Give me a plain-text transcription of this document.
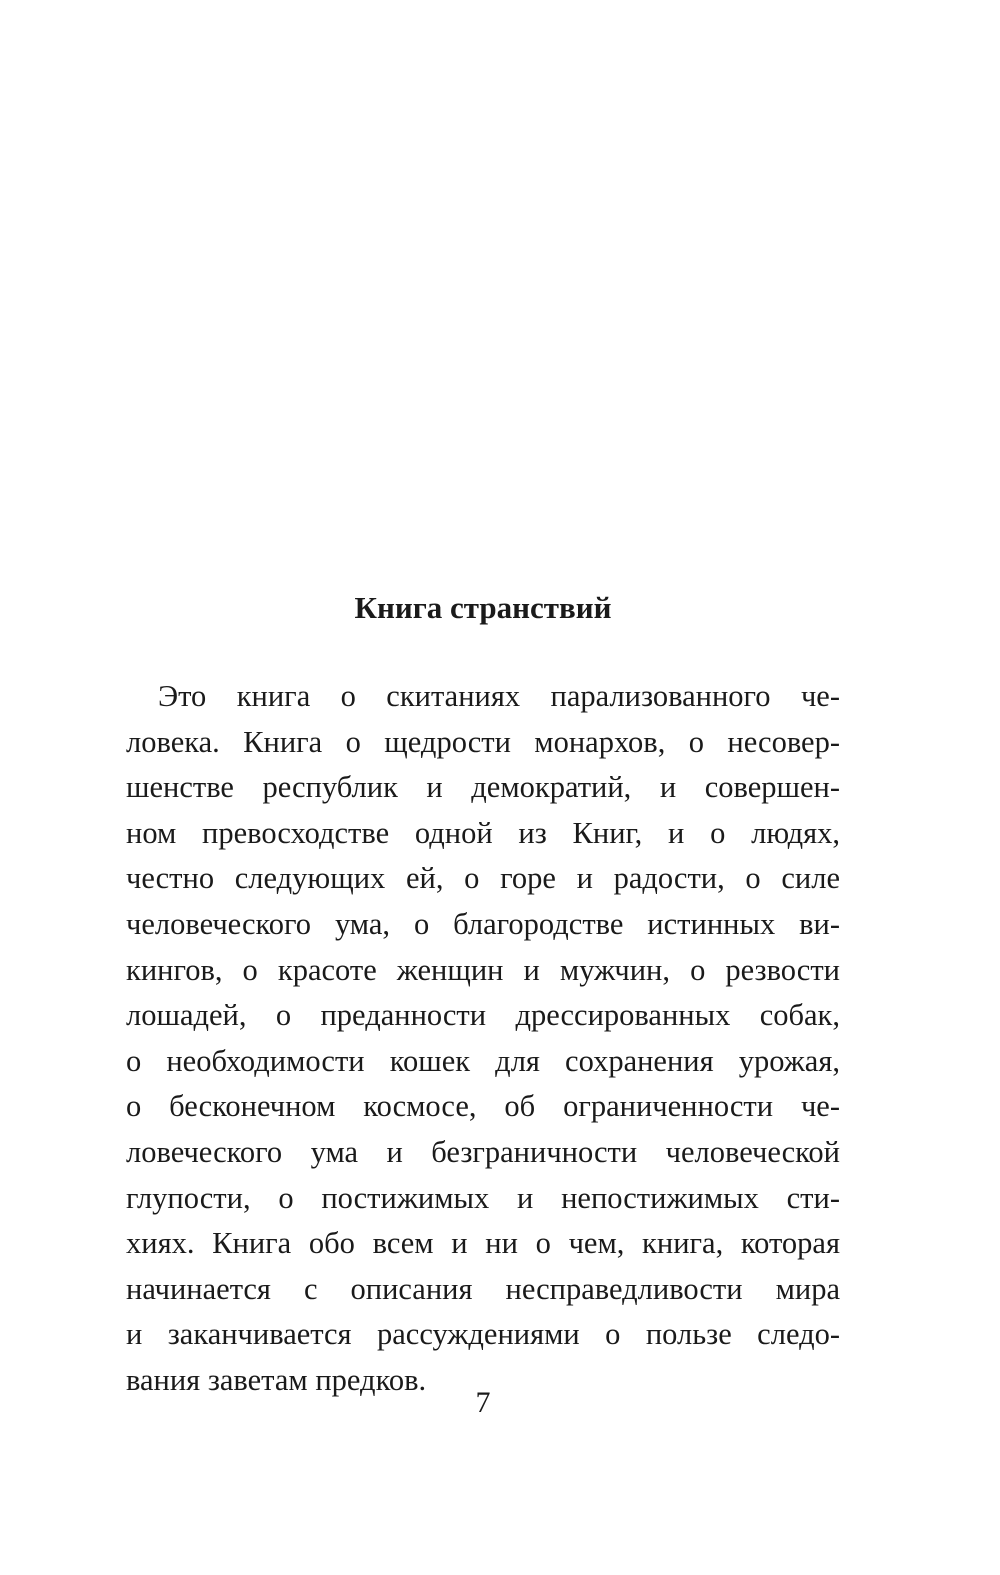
Книга странствий
Это книга о скитаниях парализованного че-
ловека. Книга о щедрости монархов, о несовер-
шенстве республик и демократий, и совершен-
ном превосходстве одной из Книг, и о людях,
честно следующих ей, о горе и радости, о силе
человеческого ума, о благородстве истинных ви-
кингов, о красоте женщин и мужчин, о резвости
лошадей, о преданности дрессированных собак,
о необходимости кошек для сохранения урожая,
о бесконечном космосе, об ограниченности че-
ловеческого ума и безграничности человеческой
глупости, о постижимых и непостижимых сти-
хиях. Книга обо всем и ни о чем, книга, которая
начинается с описания несправедливости мира
и заканчивается рассуждениями о пользе следо-
вания заветам предков.
7
